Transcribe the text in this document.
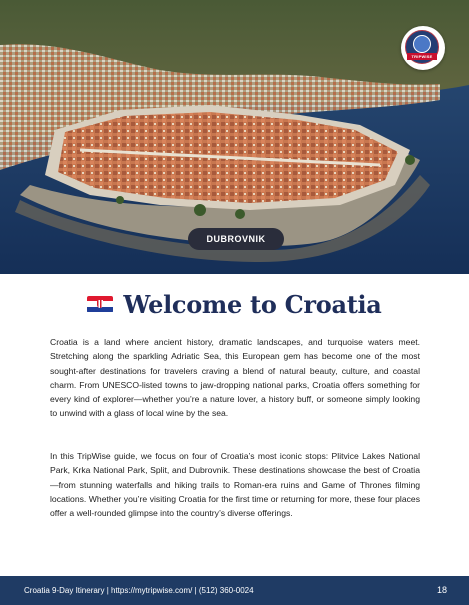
TRIPWISE
DUBROVNIK
Welcome to Croatia

Croatia is a land where ancient history, dramatic landscapes, and turquoise waters meet. Stretching along the sparkling Adriatic Sea, this European gem has become one of the most sought-after destinations for travelers craving a blend of natural beauty, culture, and coastal charm. From UNESCO-listed towns to jaw-dropping national parks, Croatia offers something for every kind of explorer—whether you’re a nature lover, a history buff, or someone simply looking to unwind with a glass of local wine by the sea.

In this TripWise guide, we focus on four of Croatia’s most iconic stops: Plitvice Lakes National Park, Krka National Park, Split, and Dubrovnik. These destinations showcase the best of Croatia—from stunning waterfalls and hiking trails to Roman-era ruins and Game of Thrones filming locations. Whether you’re visiting Croatia for the first time or returning for more, these four places offer a well-rounded glimpse into the country’s diverse offerings.

Croatia 9-Day Itinerary | https://mytripwise.com/ | (512) 360-0024	18
